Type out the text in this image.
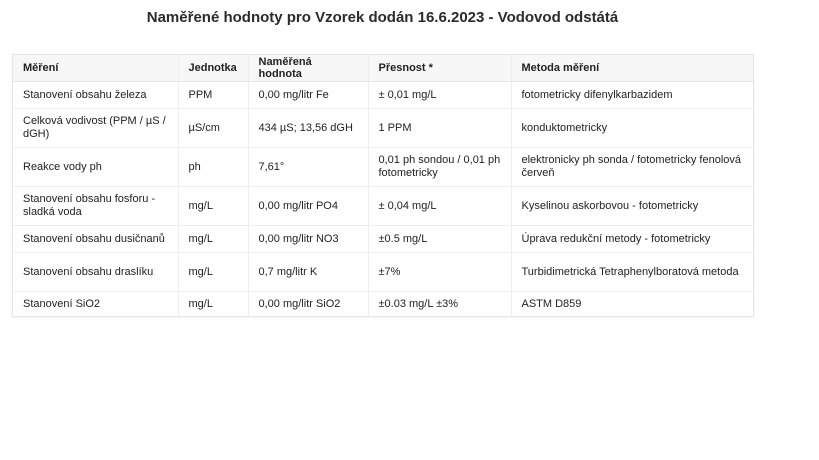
Naměřené hodnoty pro Vzorek dodán 16.6.2023 - Vodovod odstátá
Měření	Jednotka	Naměřená hodnota	Přesnost *	Metoda měření
Stanovení obsahu železa	PPM	0,00 mg/litr Fe	± 0,01 mg/L	fotometricky difenylkarbazidem
Celková vodivost (PPM / µS / dGH)	µS/cm	434 µS; 13,56 dGH	1 PPM	konduktometricky
Reakce vody ph	ph	7,61°	0,01 ph sondou / 0,01 ph fotometricky	elektronicky ph sonda / fotometricky fenolová červeň
Stanovení obsahu fosforu - sladká voda	mg/L	0,00 mg/litr PO4	± 0,04 mg/L	Kyselinou askorbovou - fotometricky
Stanovení obsahu dusičnanů	mg/L	0,00 mg/litr NO3	±0.5 mg/L	Úprava redukční metody - fotometricky
Stanovení obsahu draslíku	mg/L	0,7 mg/litr K	±7%	Turbidimetrická Tetraphenylboratová metoda
Stanovení SiO2	mg/L	0,00 mg/litr SiO2	±0.03 mg/L ±3%	ASTM D859
